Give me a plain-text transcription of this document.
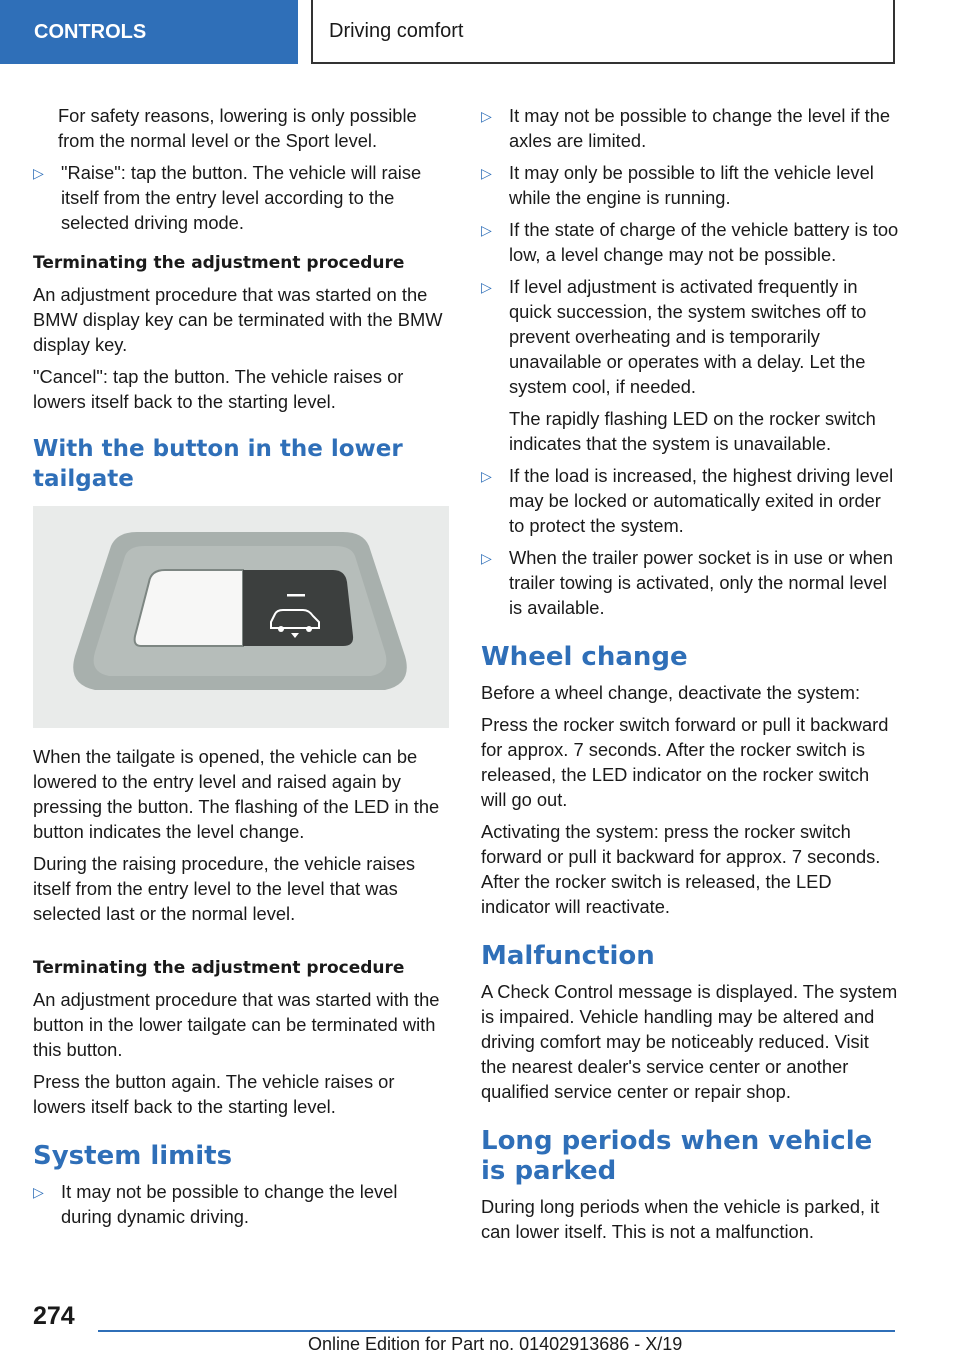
CONTROLS	Driving comfort

For safety reasons, lowering is only possible from the normal level or the Sport level.

▷ "Raise": tap the button. The vehicle will raise itself from the entry level according to the selected driving mode.

Terminating the adjustment procedure

An adjustment procedure that was started on the BMW display key can be terminated with the BMW display key.

"Cancel": tap the button. The vehicle raises or lowers itself back to the starting level.

With the button in the lower tailgate

When the tailgate is opened, the vehicle can be lowered to the entry level and raised again by pressing the button. The flashing of the LED in the button indicates the level change.

During the raising procedure, the vehicle raises itself from the entry level to the level that was selected last or the normal level.

Terminating the adjustment procedure

An adjustment procedure that was started with the button in the lower tailgate can be terminated with this button.

Press the button again. The vehicle raises or lowers itself back to the starting level.

System limits
▷ It may not be possible to change the level during dynamic driving.

▷ It may not be possible to change the level if the axles are limited.

▷ It may only be possible to lift the vehicle level while the engine is running.

▷ If the state of charge of the vehicle battery is too low, a level change may not be possible.

▷ If level adjustment is activated frequently in quick succession, the system switches off to prevent overheating and is temporarily unavailable or operates with a delay. Let the system cool, if needed.

The rapidly flashing LED on the rocker switch indicates that the system is unavailable.

▷ If the load is increased, the highest driving level may be locked or automatically exited in order to protect the system.

▷ When the trailer power socket is in use or when trailer towing is activated, only the normal level is available.

Wheel change

Before a wheel change, deactivate the system:

Press the rocker switch forward or pull it backward for approx. 7 seconds. After the rocker switch is released, the LED indicator on the rocker switch will go out.

Activating the system: press the rocker switch forward or pull it backward for approx. 7 seconds. After the rocker switch is released, the LED indicator will reactivate.

Malfunction

A Check Control message is displayed. The system is impaired. Vehicle handling may be altered and driving comfort may be noticeably reduced. Visit the nearest dealer's service center or another qualified service center or repair shop.

Long periods when vehicle is parked

During long periods when the vehicle is parked, it can lower itself. This is not a malfunction.

274
Online Edition for Part no. 01402913686 - X/19
